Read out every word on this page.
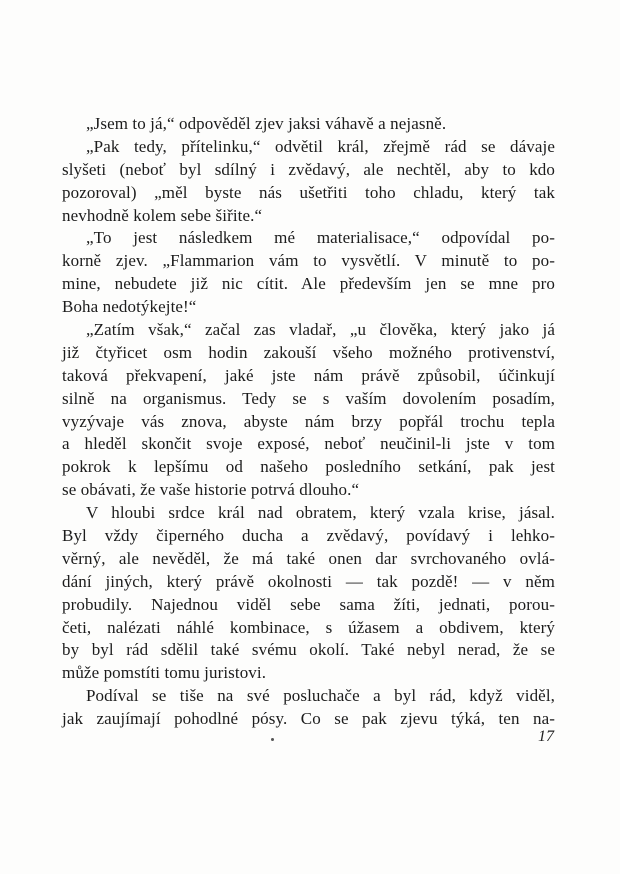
„Jsem to já,“ odpověděl zjev jaksi váhavě a nejasně.
„Pak tedy, přítelinku,“ odvětil král, zřejmě rád se dávaje
slyšeti (neboť byl sdílný i zvědavý, ale nechtěl, aby to kdo
pozoroval) „měl byste nás ušetřiti toho chladu, který tak
nevhodně kolem sebe šiřite.“
„To jest následkem mé materialisace,“ odpovídal po-
korně zjev. „Flammarion vám to vysvětlí. V minutě to po-
mine, nebudete již nic cítit. Ale především jen se mne pro
Boha nedotýkejte!“
„Zatím však,“ začal zas vladař, „u člověka, který jako já
již čtyřicet osm hodin zakouší všeho možného protivenství,
taková překvapení, jaké jste nám právě způsobil, účinkují
silně na organismus. Tedy se s vaším dovolením posadím,
vyzývaje vás znova, abyste nám brzy popřál trochu tepla
a hleděl skončit svoje exposé, neboť neučinil-li jste v tom
pokrok k lepšímu od našeho posledního setkání, pak jest
se obávati, že vaše historie potrvá dlouho.“
V hloubi srdce král nad obratem, který vzala krise, jásal.
Byl vždy čiperného ducha a zvědavý, povídavý i lehko-
věrný, ale nevěděl, že má také onen dar svrchovaného ovlá-
dání jiných, který právě okolnosti — tak pozdě! — v něm
probudily. Najednou viděl sebe sama žíti, jednati, porou-
četi, nalézati náhlé kombinace, s úžasem a obdivem, který
by byl rád sdělil také svému okolí. Také nebyl nerad, že se
může pomstíti tomu juristovi.
Podíval se tiše na své posluchače a byl rád, když viděl,
jak zaujímají pohodlné pósy. Co se pak zjevu týká, ten na-
17
